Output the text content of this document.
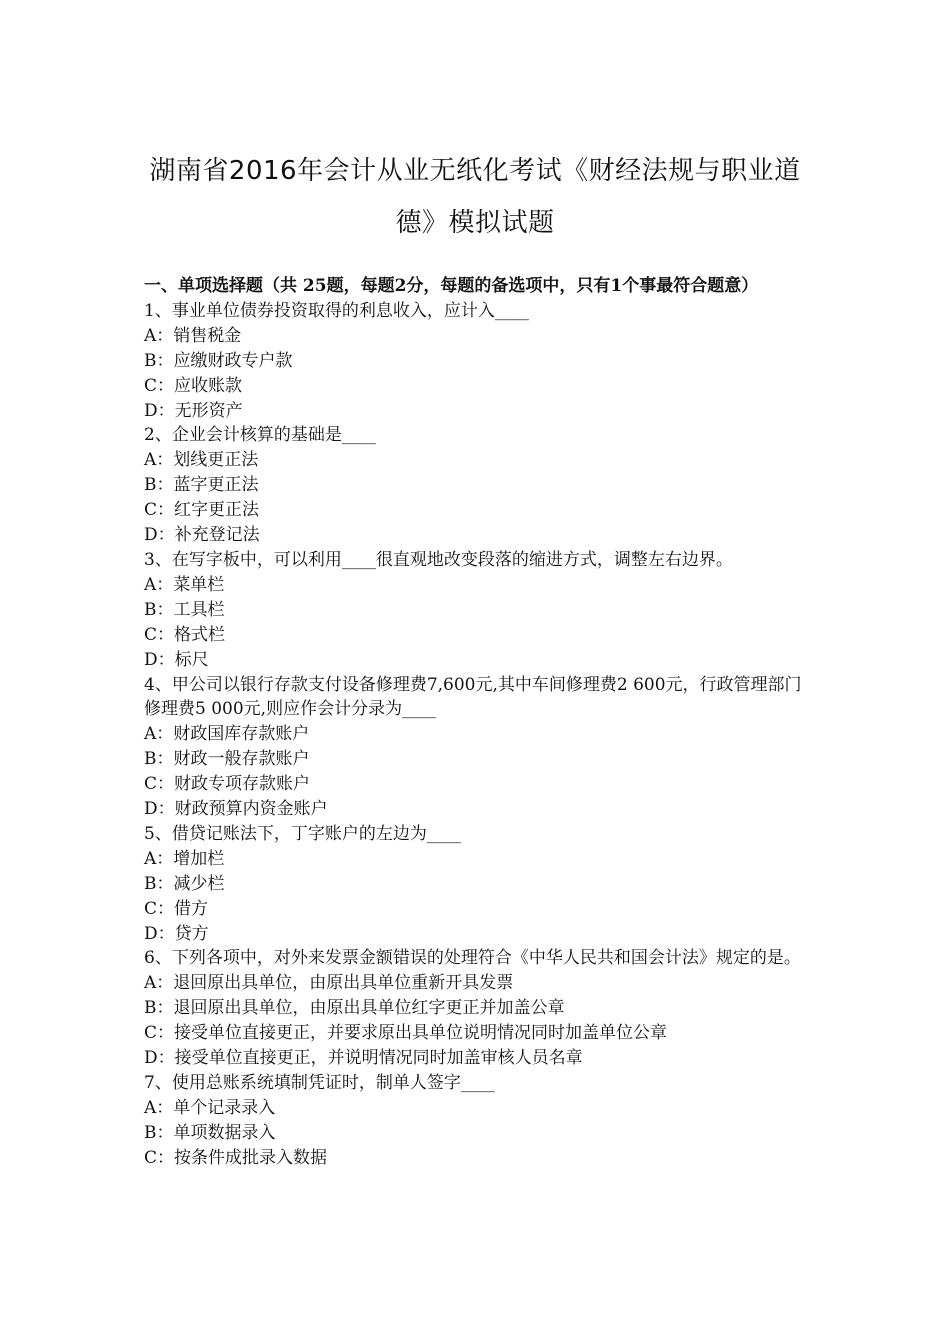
湖南省2016年会计从业无纸化考试《财经法规与职业道
德》模拟试题

一、单项选择题（共 25题，每题2分，每题的备选项中，只有1个事最符合题意）

1、事业单位债券投资取得的利息收入，应计入____

A：销售税金

B：应缴财政专户款

C：应收账款

D：无形资产

2、企业会计核算的基础是____

A：划线更正法

B：蓝字更正法

C：红字更正法

D：补充登记法

3、在写字板中，可以利用____很直观地改变段落的缩进方式，调整左右边界。

A：菜单栏

B：工具栏

C：格式栏

D：标尺

4、甲公司以银行存款支付设备修理费7,600元,其中车间修理费2 600元，行政管理部门修理费5 000元,则应作会计分录为____

A：财政国库存款账户

B：财政一般存款账户

C：财政专项存款账户

D：财政预算内资金账户

5、借贷记账法下，丁字账户的左边为____

A：增加栏

B：减少栏

C：借方

D：贷方

6、下列各项中，对外来发票金额错误的处理符合《中华人民共和国会计法》规定的是。

A：退回原出具单位，由原出具单位重新开具发票

B：退回原出具单位，由原出具单位红字更正并加盖公章

C：接受单位直接更正，并要求原出具单位说明情况同时加盖单位公章

D：接受单位直接更正，并说明情况同时加盖审核人员名章

7、使用总账系统填制凭证时，制单人签字____

A：单个记录录入

B：单项数据录入

C：按条件成批录入数据
